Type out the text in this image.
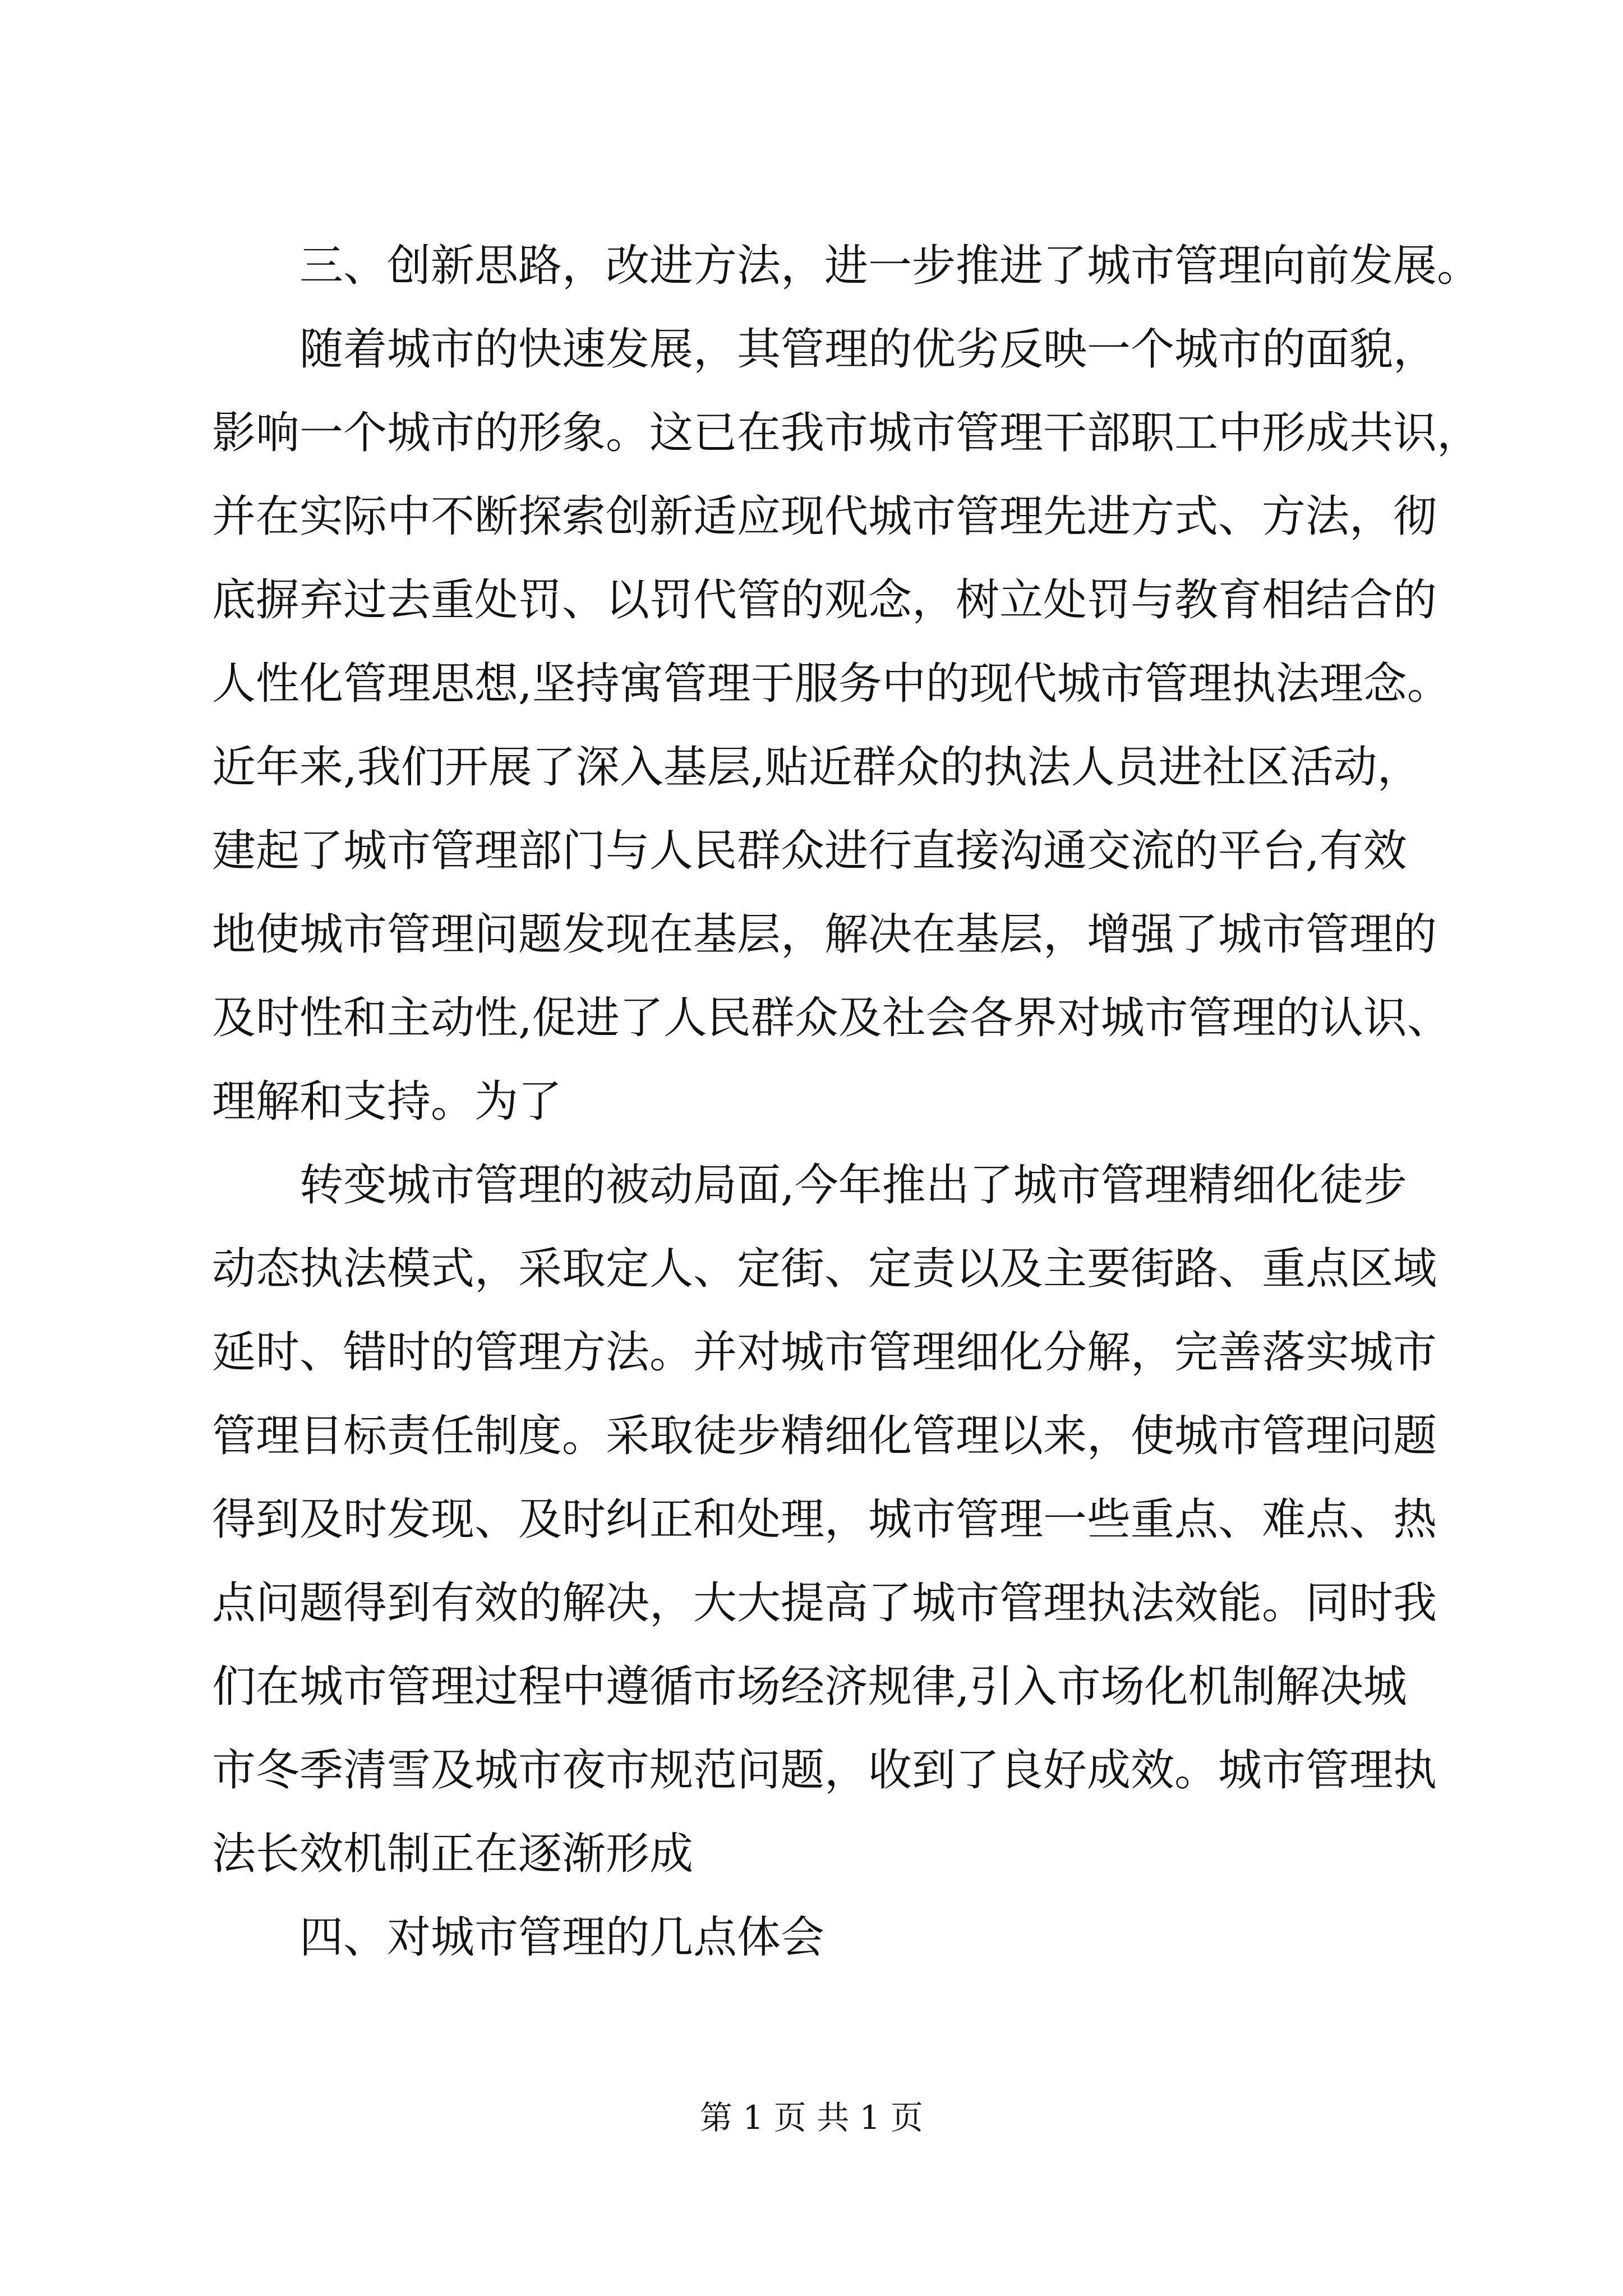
三、创新思路，改进方法，进一步推进了城市管理向前发展。
随着城市的快速发展，其管理的优劣反映一个城市的面貌，
影响一个城市的形象。这已在我市城市管理干部职工中形成共识，
并在实际中不断探索创新适应现代城市管理先进方式、方法，彻
底摒弃过去重处罚、以罚代管的观念，树立处罚与教育相结合的
人性化管理思想,坚持寓管理于服务中的现代城市管理执法理念。
近年来,我们开展了深入基层,贴近群众的执法人员进社区活动，
建起了城市管理部门与人民群众进行直接沟通交流的平台,有效
地使城市管理问题发现在基层，解决在基层，增强了城市管理的
及时性和主动性,促进了人民群众及社会各界对城市管理的认识、
理解和支持。为了
转变城市管理的被动局面,今年推出了城市管理精细化徒步
动态执法模式，采取定人、定街、定责以及主要街路、重点区域
延时、错时的管理方法。并对城市管理细化分解，完善落实城市
管理目标责任制度。采取徒步精细化管理以来，使城市管理问题
得到及时发现、及时纠正和处理，城市管理一些重点、难点、热
点问题得到有效的解决，大大提高了城市管理执法效能。同时我
们在城市管理过程中遵循市场经济规律,引入市场化机制解决城
市冬季清雪及城市夜市规范问题，收到了良好成效。城市管理执
法长效机制正在逐渐形成
四、对城市管理的几点体会
第 1 页 共 1 页
